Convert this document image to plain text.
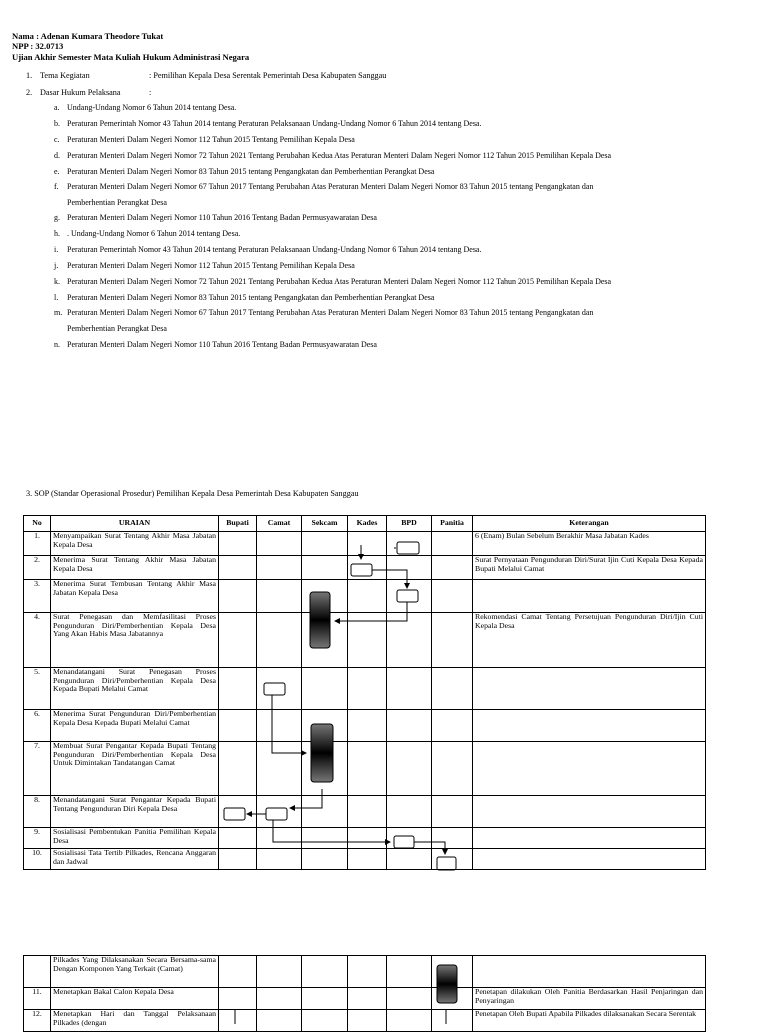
Nama : Adenan Kumara Theodore Tukat
NPP : 32.0713
Ujian Akhir Semester Mata Kuliah Hukum Administrasi Negara
1. Tema Kegiatan	: Pemilihan Kepala Desa Serentak Pemerintah Desa Kabupaten Sanggau
2. Dasar Hukum Pelaksana	:
a. Undang-Undang Nomor 6 Tahun 2014 tentang Desa.
b. Peraturan Pemerintah Nomor 43 Tahun 2014 tentang Peraturan Pelaksanaan Undang-Undang Nomor 6 Tahun 2014 tentang Desa.
c. Peraturan Menteri Dalam Negeri Nomor 112 Tahun 2015 Tentang Pemilihan Kepala Desa
d. Peraturan Menteri Dalam Negeri Nomor 72 Tahun 2021 Tentang Perubahan Kedua Atas Peraturan Menteri Dalam Negeri Nomor 112 Tahun 2015 Pemilihan Kepala Desa
e. Peraturan Menteri Dalam Negeri Nomor 83 Tahun 2015 tentang Pengangkatan dan Pemberhentian Perangkat Desa
f. Peraturan Menteri Dalam Negeri Nomor 67 Tahun 2017 Tentang Perubahan Atas Peraturan Menteri Dalam Negeri Nomor 83 Tahun 2015 tentang Pengangkatan dan
Pemberhentian Perangkat Desa
g. Peraturan Menteri Dalam Negeri Nomor 110 Tahun 2016 Tentang Badan Permusyawaratan Desa
h. . Undang-Undang Nomor 6 Tahun 2014 tentang Desa.
i. Peraturan Pemerintah Nomor 43 Tahun 2014 tentang Peraturan Pelaksanaan Undang-Undang Nomor 6 Tahun 2014 tentang Desa.
j. Peraturan Menteri Dalam Negeri Nomor 112 Tahun 2015 Tentang Pemilihan Kepala Desa
k. Peraturan Menteri Dalam Negeri Nomor 72 Tahun 2021 Tentang Perubahan Kedua Atas Peraturan Menteri Dalam Negeri Nomor 112 Tahun 2015 Pemilihan Kepala Desa
l. Peraturan Menteri Dalam Negeri Nomor 83 Tahun 2015 tentang Pengangkatan dan Pemberhentian Perangkat Desa
m. Peraturan Menteri Dalam Negeri Nomor 67 Tahun 2017 Tentang Perubahan Atas Peraturan Menteri Dalam Negeri Nomor 83 Tahun 2015 tentang Pengangkatan dan
Pemberhentian Perangkat Desa
n. Peraturan Menteri Dalam Negeri Nomor 110 Tahun 2016 Tentang Badan Permusyawaratan Desa
3. SOP (Standar Operasional Prosedur) Pemilihan Kepala Desa Pemerintah Desa Kabupaten Sanggau
No	URAIAN	Bupati	Camat	Sekcam	Kades	BPD	Panitia	Keterangan
1.	Menyampaikan Surat Tentang Akhir Masa Jabatan Kepala Desa							6 (Enam) Bulan Sebelum Berakhir Masa Jabatan Kades
2.	Menerima Surat Tentang Akhir Masa Jabatan Kepala Desa							Surat Pernyataan Pengunduran Diri/Surat Ijin Cuti Kepala Desa Kepada Bupati Melalui Camat
3.	Menerima Surat Tembusan Tentang Akhir Masa Jabatan Kepala Desa							
4.	Surat Penegasan dan Memfasilitasi Proses Pengunduran Diri/Pemberhentian Kepala Desa Yang Akan Habis Masa Jabatannya							Rekomendasi Camat Tentang Persetujuan Pengunduran Diri/Ijin Cuti Kepala Desa
5.	Menandatangani Surat Penegasan Proses Pengunduran Diri/Pemberhentian Kepala Desa Kepada Bupati Melalui Camat							
6.	Menerima Surat Pengunduran Diri/Pemberhentian Kepala Desa Kepada Bupati Melalui Camat							
7.	Membuat Surat Pengantar Kepada Bupati Tentang Pengunduran Diri/Pemberhentian Kepala Desa Untuk Dimintakan Tandatangan Camat							
8.	Menandatangani Surat Pengantar Kepada Bupati Tentang Pengunduran Diri Kepala Desa							
9.	Sosialisasi Pembentukan Panitia Pemilihan Kepala Desa							
10.	Sosialisasi Tata Tertib Pilkades, Rencana Anggaran dan Jadwal							
	Pilkades Yang Dilaksanakan Secara Bersama-sama Dengan Komponen Yang Terkait (Camat)							
11.	Menetapkan Bakal Calon Kepala Desa							Penetapan dilakukan Oleh Panitia Berdasarkan Hasil Penjaringan dan Penyaringan
12.	Menetapkan Hari dan Tanggal Pelaksanaan Pilkades (dengan							Penetapan Oleh Bupati Apabila Pilkades dilaksanakan Secara Serentak
